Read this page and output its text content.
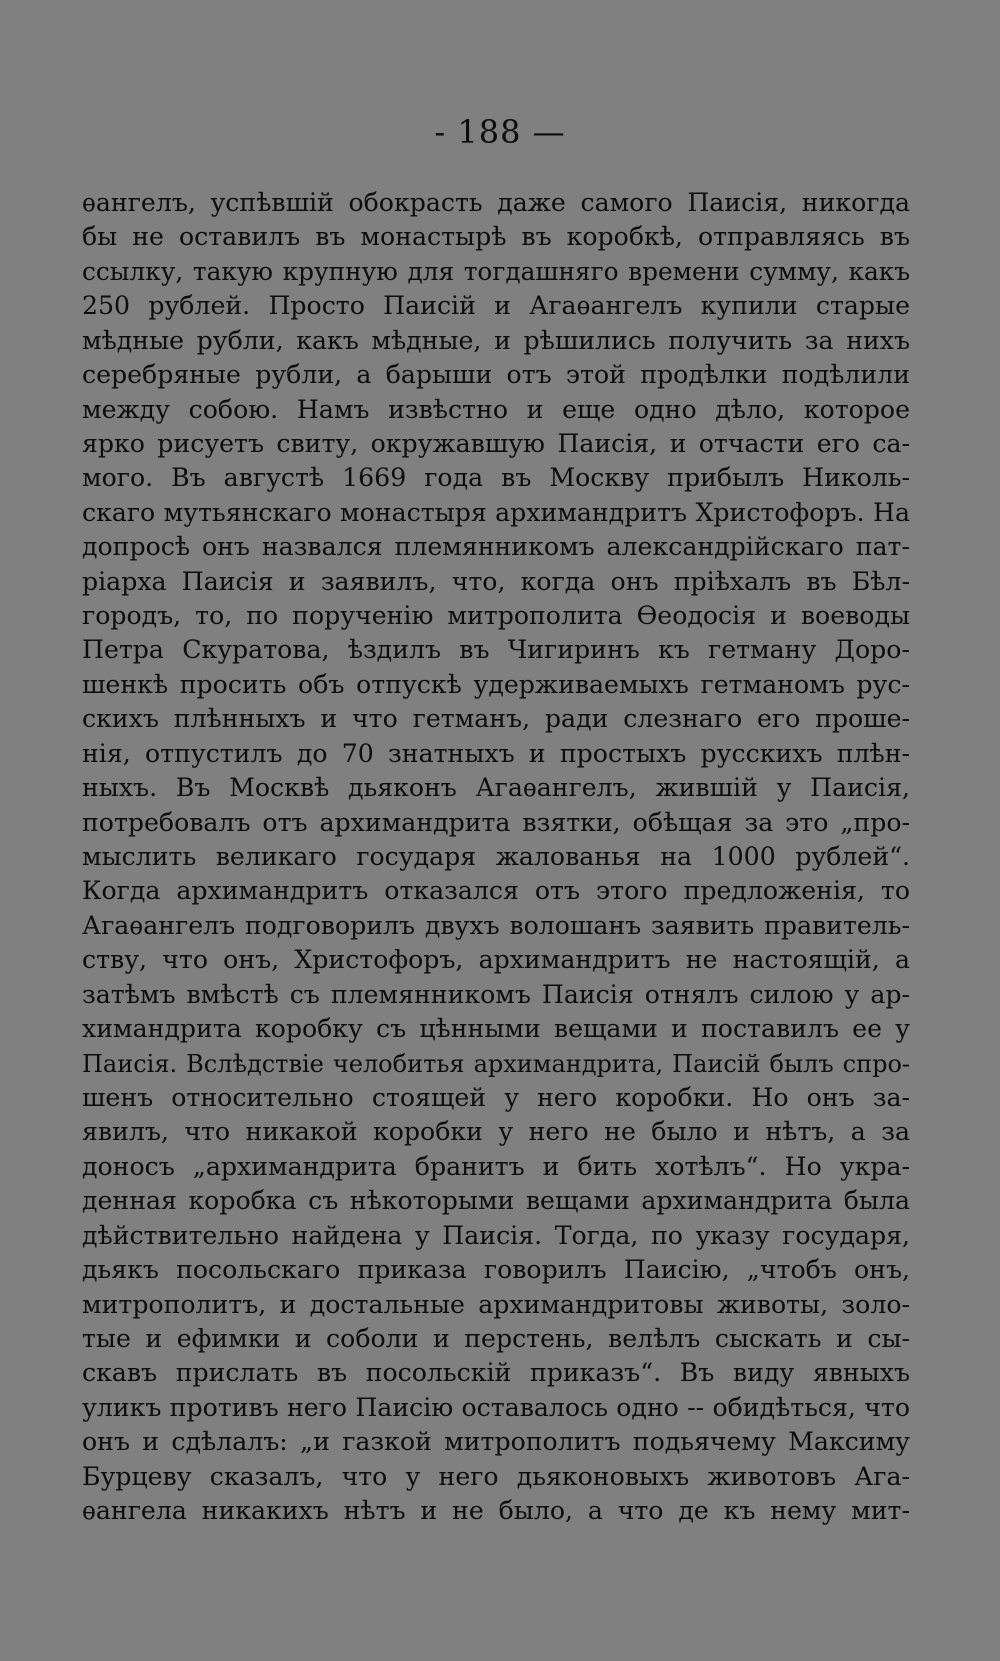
- 188 —
ѳангелъ, успѣвшій обокрасть даже самого Паисія, никогда
бы не оставилъ въ монастырѣ въ коробкѣ, отправляясь въ
ссылку, такую крупную для тогдашняго времени сумму, какъ
250 рублей. Просто Паисій и Агаѳангелъ купили старые
мѣдные рубли, какъ мѣдные, и рѣшились получить за нихъ
серебряные рубли, а барыши отъ этой продѣлки подѣлили
между собою. Намъ извѣстно и еще одно дѣло, которое
ярко рисуетъ свиту, окружавшую Паисія, и отчасти его са-
мого. Въ августѣ 1669 года въ Москву прибылъ Николь-
скаго мутьянскаго монастыря архимандритъ Христофоръ. На
допросѣ онъ назвался племянникомъ александрійскаго пат-
ріарха Паисія и заявилъ, что, когда онъ пріѣхалъ въ Бѣл-
городъ, то, по порученію митрополита Ѳеодосія и воеводы
Петра Скуратова, ѣздилъ въ Чигиринъ къ гетману Доро-
шенкѣ просить объ отпускѣ удерживаемыхъ гетманомъ рус-
скихъ плѣнныхъ и что гетманъ, ради слезнаго его проше-
нія, отпустилъ до 70 знатныхъ и простыхъ русскихъ плѣн-
ныхъ. Въ Москвѣ дьяконъ Агаѳангелъ, жившій у Паисія,
потребовалъ отъ архимандрита взятки, обѣщая за это „про-
мыслить великаго государя жалованья на 1000 рублей“.
Когда архимандритъ отказался отъ этого предложенія, то
Агаѳангелъ подговорилъ двухъ волошанъ заявить правитель-
ству, что онъ, Христофоръ, архимандритъ не настоящій, а
затѣмъ вмѣстѣ съ племянникомъ Паисія отнялъ силою у ар-
химандрита коробку съ цѣнными вещами и поставилъ ее у
Паисія. Вслѣдствіе челобитья архимандрита, Паисій былъ спро-
шенъ относительно стоящей у него коробки. Но онъ за-
явилъ, что никакой коробки у него не было и нѣтъ, а за
доносъ „архимандрита бранитъ и бить хотѣлъ“. Но укра-
денная коробка съ нѣкоторыми вещами архимандрита была
дѣйствительно найдена у Паисія. Тогда, по указу государя,
дьякъ посольскаго приказа говорилъ Паисію, „чтобъ онъ,
митрополитъ, и достальные архимандритовы животы, золо-
тые и ефимки и соболи и перстень, велѣлъ сыскать и сы-
скавъ прислать въ посольскій приказъ“. Въ виду явныхъ
уликъ противъ него Паисію оставалось одно -- обидѣться, что
онъ и сдѣлалъ: „и газкой митрополитъ подьячему Максиму
Бурцеву сказалъ, что у него дьяконовыхъ животовъ Ага-
ѳангела никакихъ нѣтъ и не было, а что де къ нему мит-
